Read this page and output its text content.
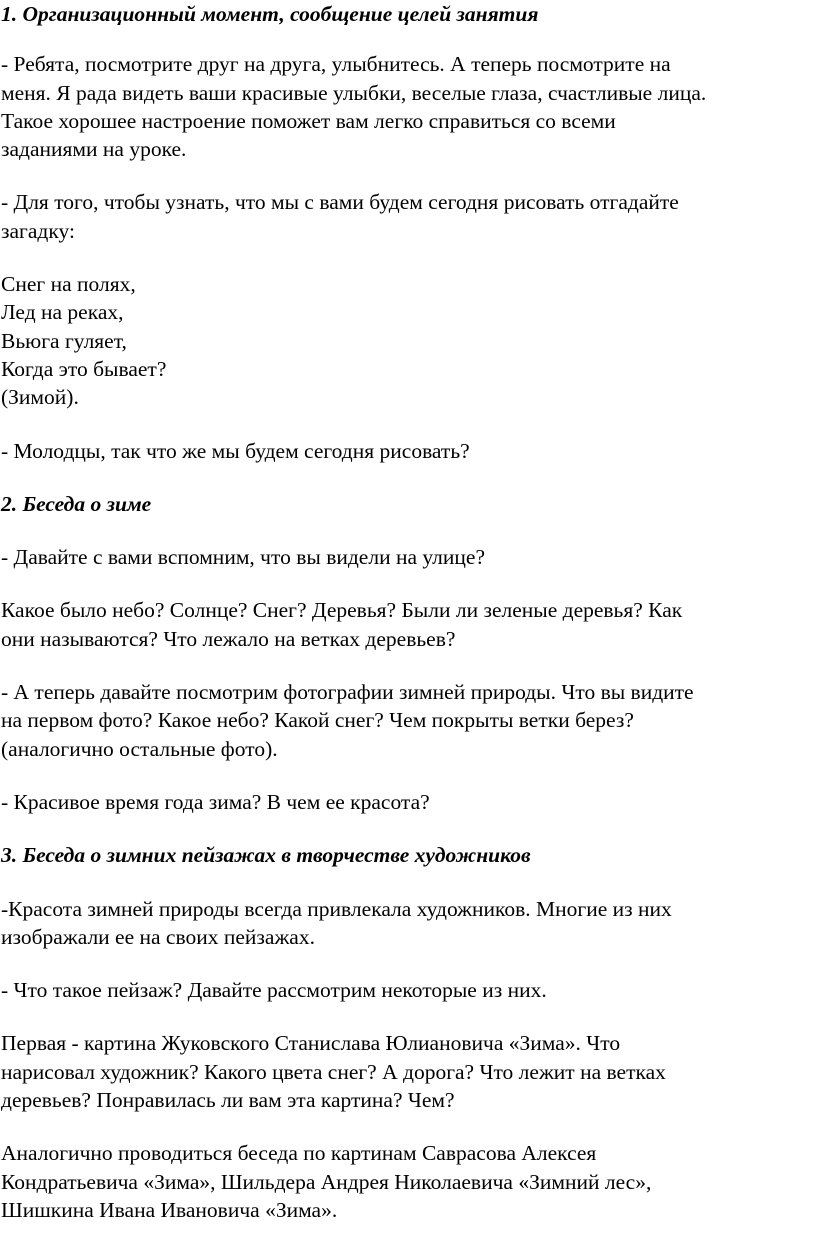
1. Организационный момент, сообщение целей занятия
- Ребята, посмотрите друг на друга, улыбнитесь. А теперь посмотрите на
меня. Я рада видеть ваши красивые улыбки, веселые глаза, счастливые лица.
Такое хорошее настроение поможет вам легко справиться со всеми
заданиями на уроке.
- Для того, чтобы узнать, что мы с вами будем сегодня рисовать отгадайте
загадку:
Снег на полях,
Лед на реках,
Вьюга гуляет,
Когда это бывает?
(Зимой).
- Молодцы, так что же мы будем сегодня рисовать?
2. Беседа о зиме
- Давайте с вами вспомним, что вы видели на улице?
Какое было небо? Солнце? Снег? Деревья? Были ли зеленые деревья? Как
они называются? Что лежало на ветках деревьев?
- А теперь давайте посмотрим фотографии зимней природы. Что вы видите
на первом фото? Какое небо? Какой снег? Чем покрыты ветки берез?
(аналогично остальные фото).
- Красивое время года зима? В чем ее красота?
3. Беседа о зимних пейзажах в творчестве художников
-Красота зимней природы всегда привлекала художников. Многие из них
изображали ее на своих пейзажах.
- Что такое пейзаж? Давайте рассмотрим некоторые из них.
Первая - картина Жуковского Станислава Юлиановича «Зима». Что
нарисовал художник? Какого цвета снег? А дорога? Что лежит на ветках
деревьев? Понравилась ли вам эта картина? Чем?
Аналогично проводиться беседа по картинам Саврасова Алексея
Кондратьевича «Зима», Шильдера Андрея Николаевича «Зимний лес»,
Шишкина Ивана Ивановича «Зима».
